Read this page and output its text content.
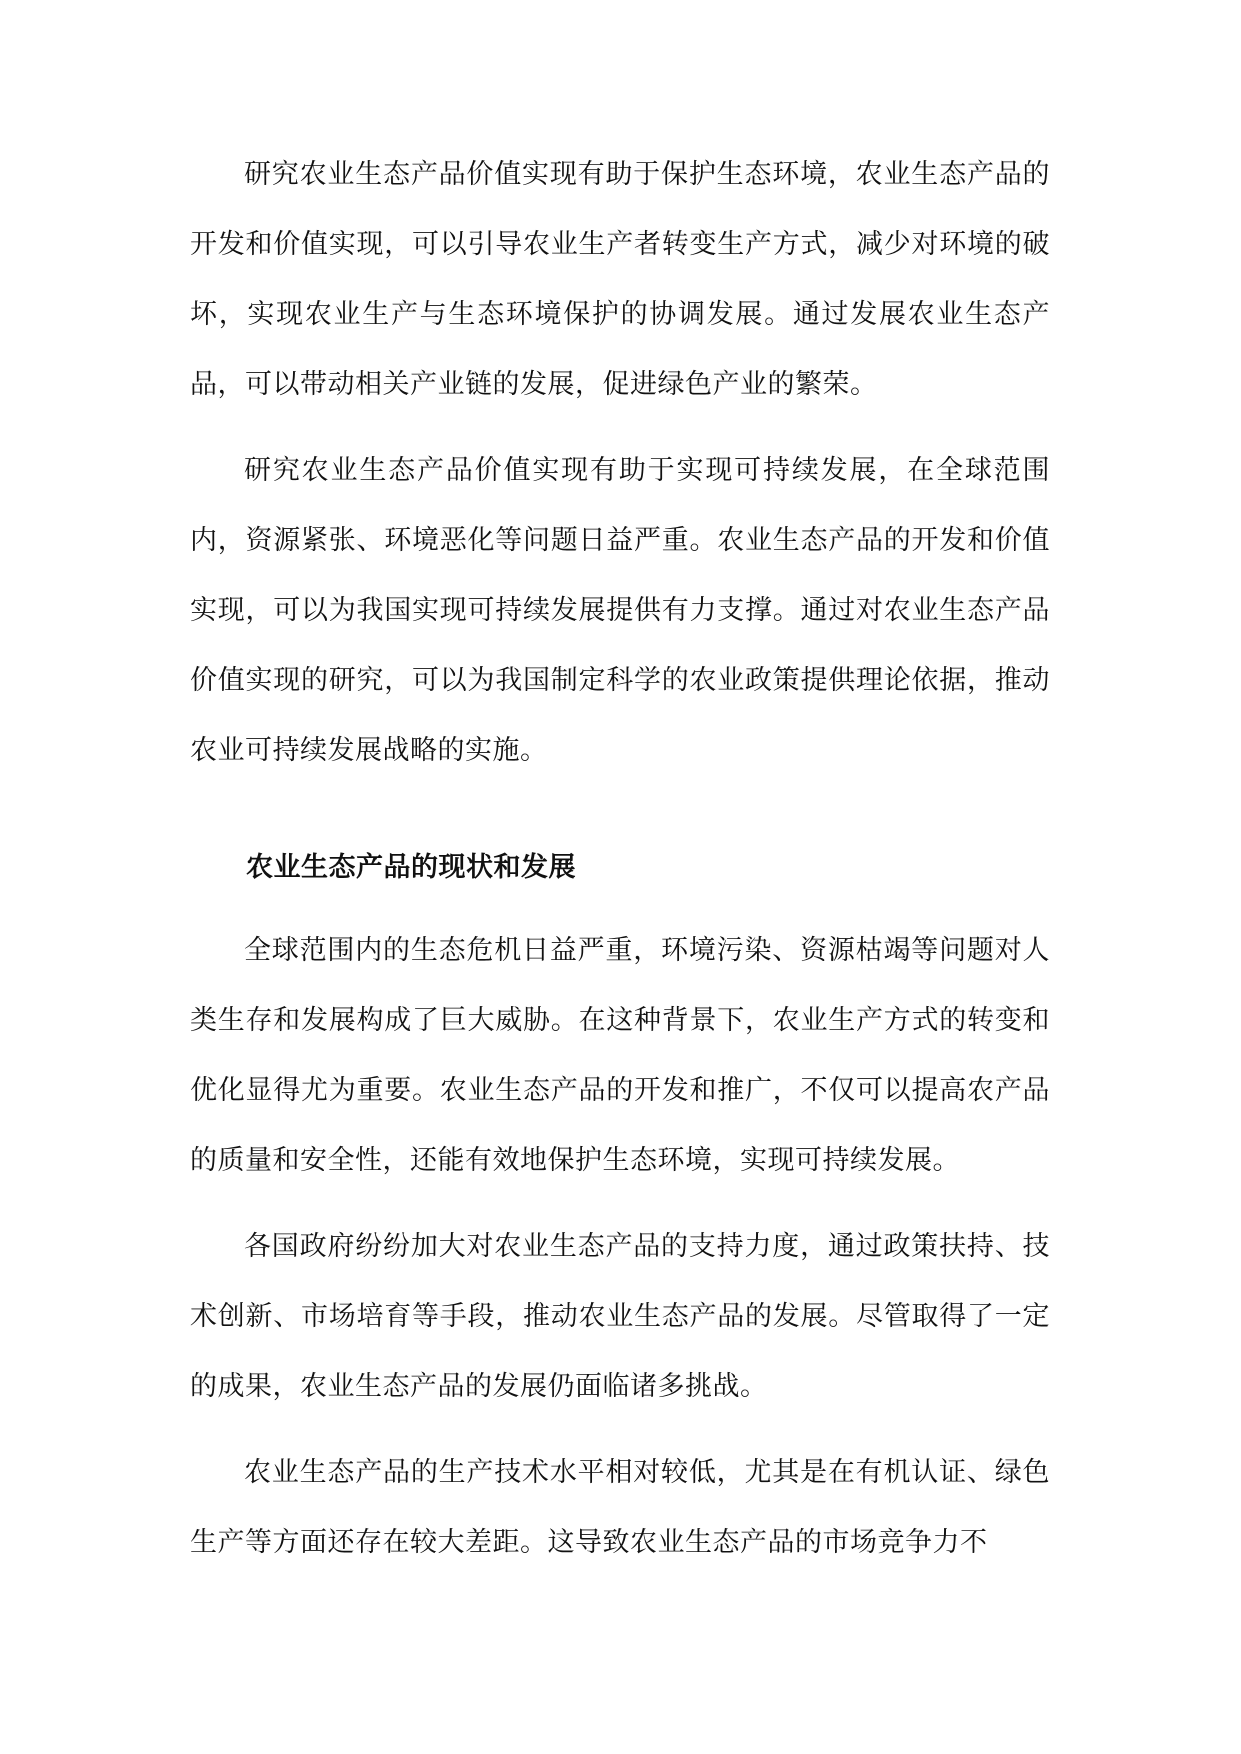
研究农业生态产品价值实现有助于保护生态环境，农业生态产品的开发和价值实现，可以引导农业生产者转变生产方式，减少对环境的破坏，实现农业生产与生态环境保护的协调发展。通过发展农业生态产品，可以带动相关产业链的发展，促进绿色产业的繁荣。

研究农业生态产品价值实现有助于实现可持续发展，在全球范围内，资源紧张、环境恶化等问题日益严重。农业生态产品的开发和价值实现，可以为我国实现可持续发展提供有力支撑。通过对农业生态产品价值实现的研究，可以为我国制定科学的农业政策提供理论依据，推动农业可持续发展战略的实施。

农业生态产品的现状和发展

全球范围内的生态危机日益严重，环境污染、资源枯竭等问题对人类生存和发展构成了巨大威胁。在这种背景下，农业生产方式的转变和优化显得尤为重要。农业生态产品的开发和推广，不仅可以提高农产品的质量和安全性，还能有效地保护生态环境，实现可持续发展。

各国政府纷纷加大对农业生态产品的支持力度，通过政策扶持、技术创新、市场培育等手段，推动农业生态产品的发展。尽管取得了一定的成果，农业生态产品的发展仍面临诸多挑战。

农业生态产品的生产技术水平相对较低，尤其是在有机认证、绿色生产等方面还存在较大差距。这导致农业生态产品的市场竞争力不
